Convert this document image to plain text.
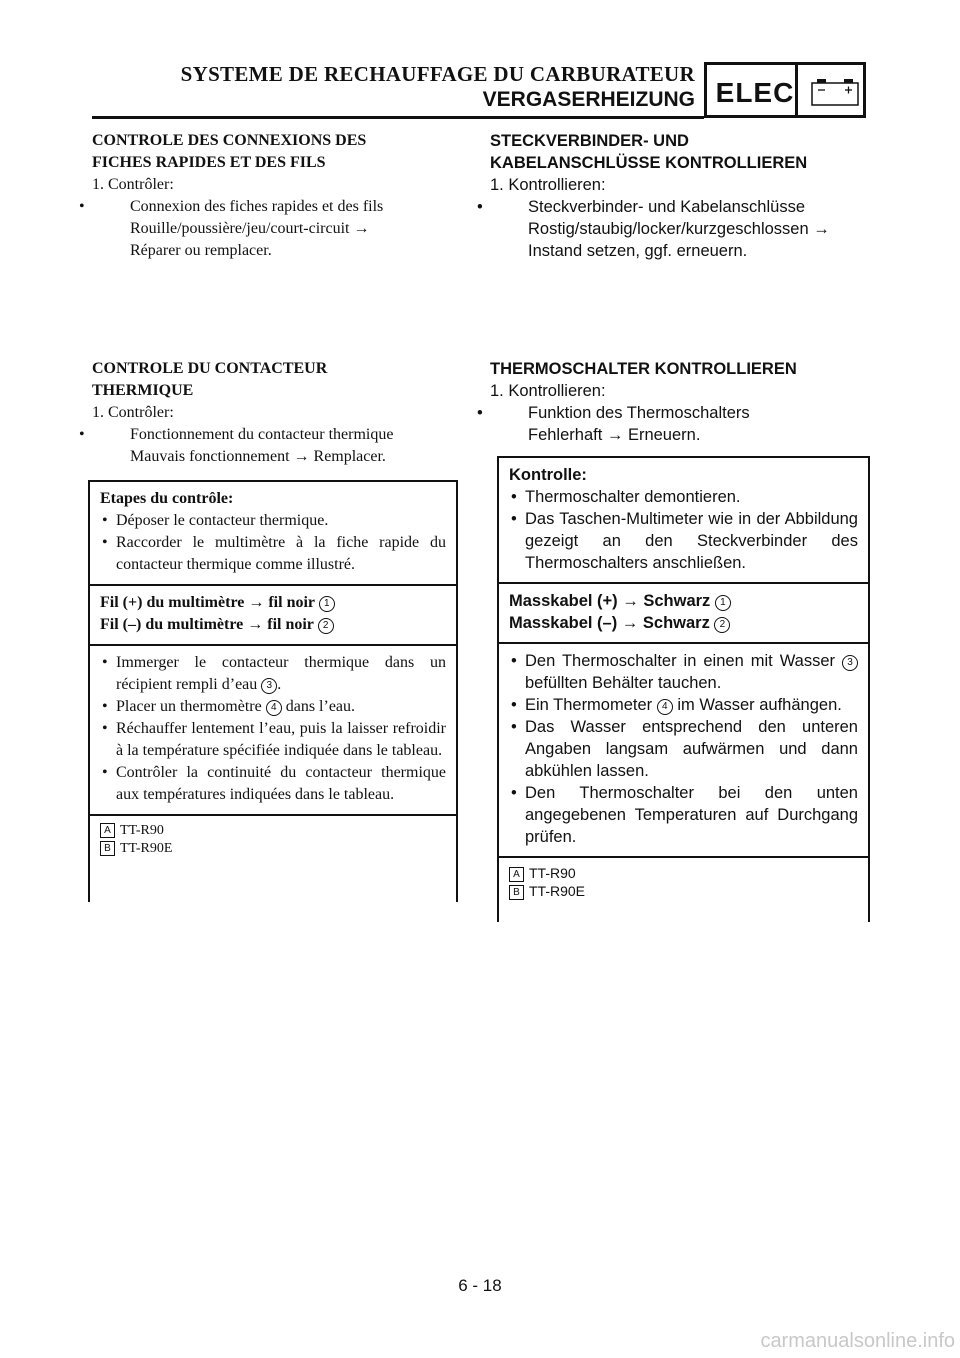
SYSTEME DE RECHAUFFAGE DU CARBURATEUR
VERGASERHEIZUNG ELEC
CONTROLE DES CONNEXIONS DES
FICHES RAPIDES ET DES FILS
1. Contrôler:
• Connexion des fiches rapides et des fils
Rouille/poussière/jeu/court-circuit →
Réparer ou remplacer.
STECKVERBINDER- UND
KABELANSCHLÜSSE KONTROLLIEREN
1. Kontrollieren:
• Steckverbinder- und Kabelanschlüsse
Rostig/staubig/locker/kurzgeschlossen →
Instand setzen, ggf. erneuern.
CONTROLE DU CONTACTEUR
THERMIQUE
1. Contrôler:
• Fonctionnement du contacteur thermique
Mauvais fonctionnement → Remplacer.
THERMOSCHALTER KONTROLLIEREN
1. Kontrollieren:
• Funktion des Thermoschalters
Fehlerhaft → Erneuern.
Etapes du contrôle:
• Déposer le contacteur thermique.
• Raccorder le multimètre à la fiche rapide du contacteur thermique comme illustré.
Fil (+) du multimètre → fil noir 1
Fil (–) du multimètre → fil noir 2
• Immerger le contacteur thermique dans un récipient rempli d’eau 3 .
• Placer un thermomètre 4 dans l’eau.
• Réchauffer lentement l’eau, puis la laisser refroidir à la température spécifiée indiquée dans le tableau.
• Contrôler la continuité du contacteur thermique aux températures indiquées dans le tableau.
A TT-R90
B TT-R90E
Kontrolle:
• Thermoschalter demontieren.
• Das Taschen-Multimeter wie in der Abbildung gezeigt an den Steckverbinder des Thermoschalters anschließen.
Masskabel (+) → Schwarz 1
Masskabel (–) → Schwarz 2
• Den Thermoschalter in einen mit Wasser 3 befüllten Behälter tauchen.
• Ein Thermometer 4 im Wasser aufhängen.
• Das Wasser entsprechend den unteren Angaben langsam aufwärmen und dann abkühlen lassen.
• Den Thermoschalter bei den unten angegebenen Temperaturen auf Durchgang prüfen.
A TT-R90
B TT-R90E
6 - 18
carmanualsonline.info
